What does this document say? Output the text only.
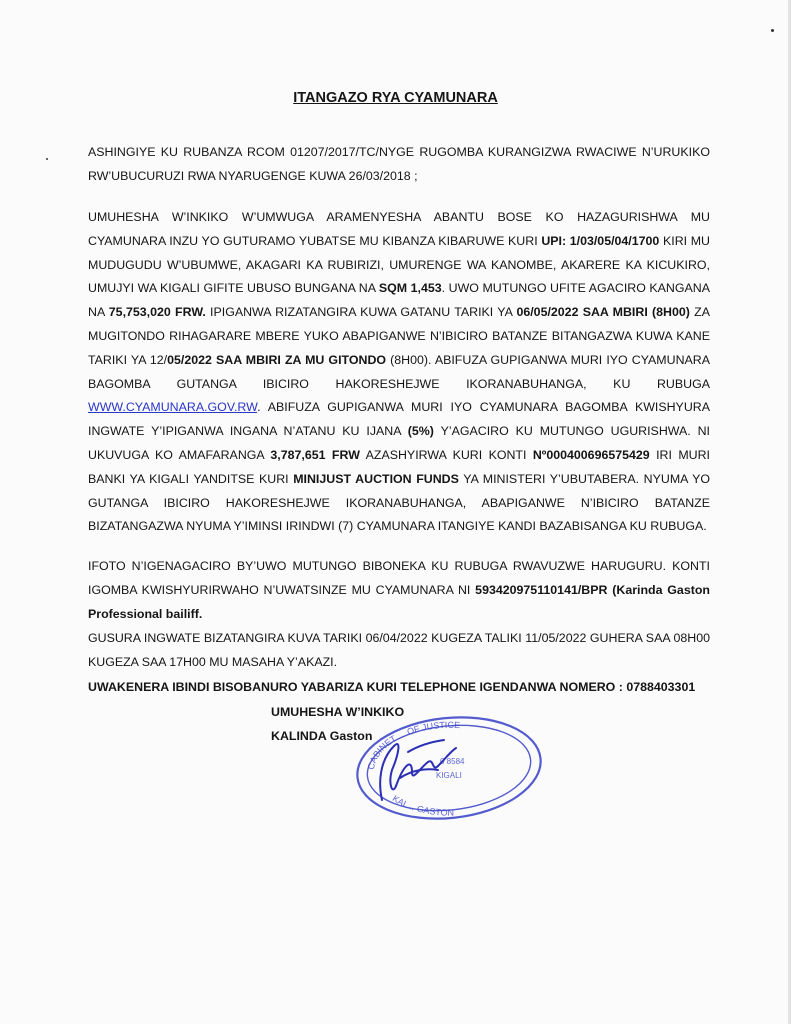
ITANGAZO RYA CYAMUNARA
ASHINGIYE KU RUBANZA RCOM 01207/2017/TC/NYGE RUGOMBA KURANGIZWA RWACIWE N’URUKIKO RW’UBUCURUZI RWA NYARUGENGE KUWA 26/03/2018 ;
UMUHESHA W’INKIKO W’UMWUGA ARAMENYESHA ABANTU BOSE KO HAZAGURISHWA MU CYAMUNARA INZU YO GUTURAMO YUBATSE MU KIBANZA KIBARUWE KURI UPI: 1/03/05/04/1700 KIRI MU MUDUGUDU W’UBUMWE, AKAGARI KA RUBIRIZI, UMURENGE WA KANOMBE, AKARERE KA KICUKIRO, UMUJYI WA KIGALI GIFITE UBUSO BUNGANA NA SQM 1,453. UWO MUTUNGO UFITE AGACIRO KANGANA NA 75,753,020 FRW. IPIGANWA RIZATANGIRA KUWA GATANU TARIKI YA 06/05/2022 SAA MBIRI (8H00) ZA MUGITONDO RIHAGARARE MBERE YUKO ABAPIGANWE N’IBICIRO BATANZE BITANGAZWA KUWA KANE TARIKI YA 12/05/2022 SAA MBIRI ZA MU GITONDO (8H00). ABIFUZA GUPIGANWA MURI IYO CYAMUNARA BAGOMBA GUTANGA IBICIRO HAKORESHEJWE IKORANABUHANGA, KU RUBUGA WWW.CYAMUNARA.GOV.RW. ABIFUZA GUPIGANWA MURI IYO CYAMUNARA BAGOMBA KWISHYURA INGWATE Y’IPIGANWA INGANA N’ATANU KU IJANA (5%) Y’AGACIRO KU MUTUNGO UGURISHWA. NI UKUVUGA KO AMAFARANGA 3,787,651 FRW AZASHYIRWA KURI KONTI Nº000400696575429 IRI MURI BANKI YA KIGALI YANDITSE KURI MINIJUST AUCTION FUNDS YA MINISTERI Y’UBUTABERA. NYUMA YO GUTANGA IBICIRO HAKORESHEJWE IKORANABUHANGA, ABAPIGANWE N’IBICIRO BATANZE BIZATANGAZWA NYUMA Y’IMINSI IRINDWI (7) CYAMUNARA ITANGIYE KANDI BAZABISANGA KU RUBUGA.
IFOTO N’IGENAGACIRO BY’UWO MUTUNGO BIBONEKA KU RUBUGA RWAVUZWE HARUGURU. KONTI IGOMBA KWISHYURIRWAHO N’UWATSINZE MU CYAMUNARA NI 593420975110141/BPR (Karinda Gaston Professional bailiff.
GUSURA INGWATE BIZATANGIRA KUVA TARIKI 06/04/2022 KUGEZA TALIKI 11/05/2022 GUHERA SAA 08H00 KUGEZA SAA 17H00 MU MASAHA Y’AKAZI.
UWAKENERA IBINDI BISOBANURO YABARIZA KURI TELEPHONE IGENDANWA NOMERO : 0788403301
UMUHESHA W’INKIKO
KALINDA Gaston
CABINET ... OF JUSTICE
0 8584
KIGALI
KAL... GASTON
